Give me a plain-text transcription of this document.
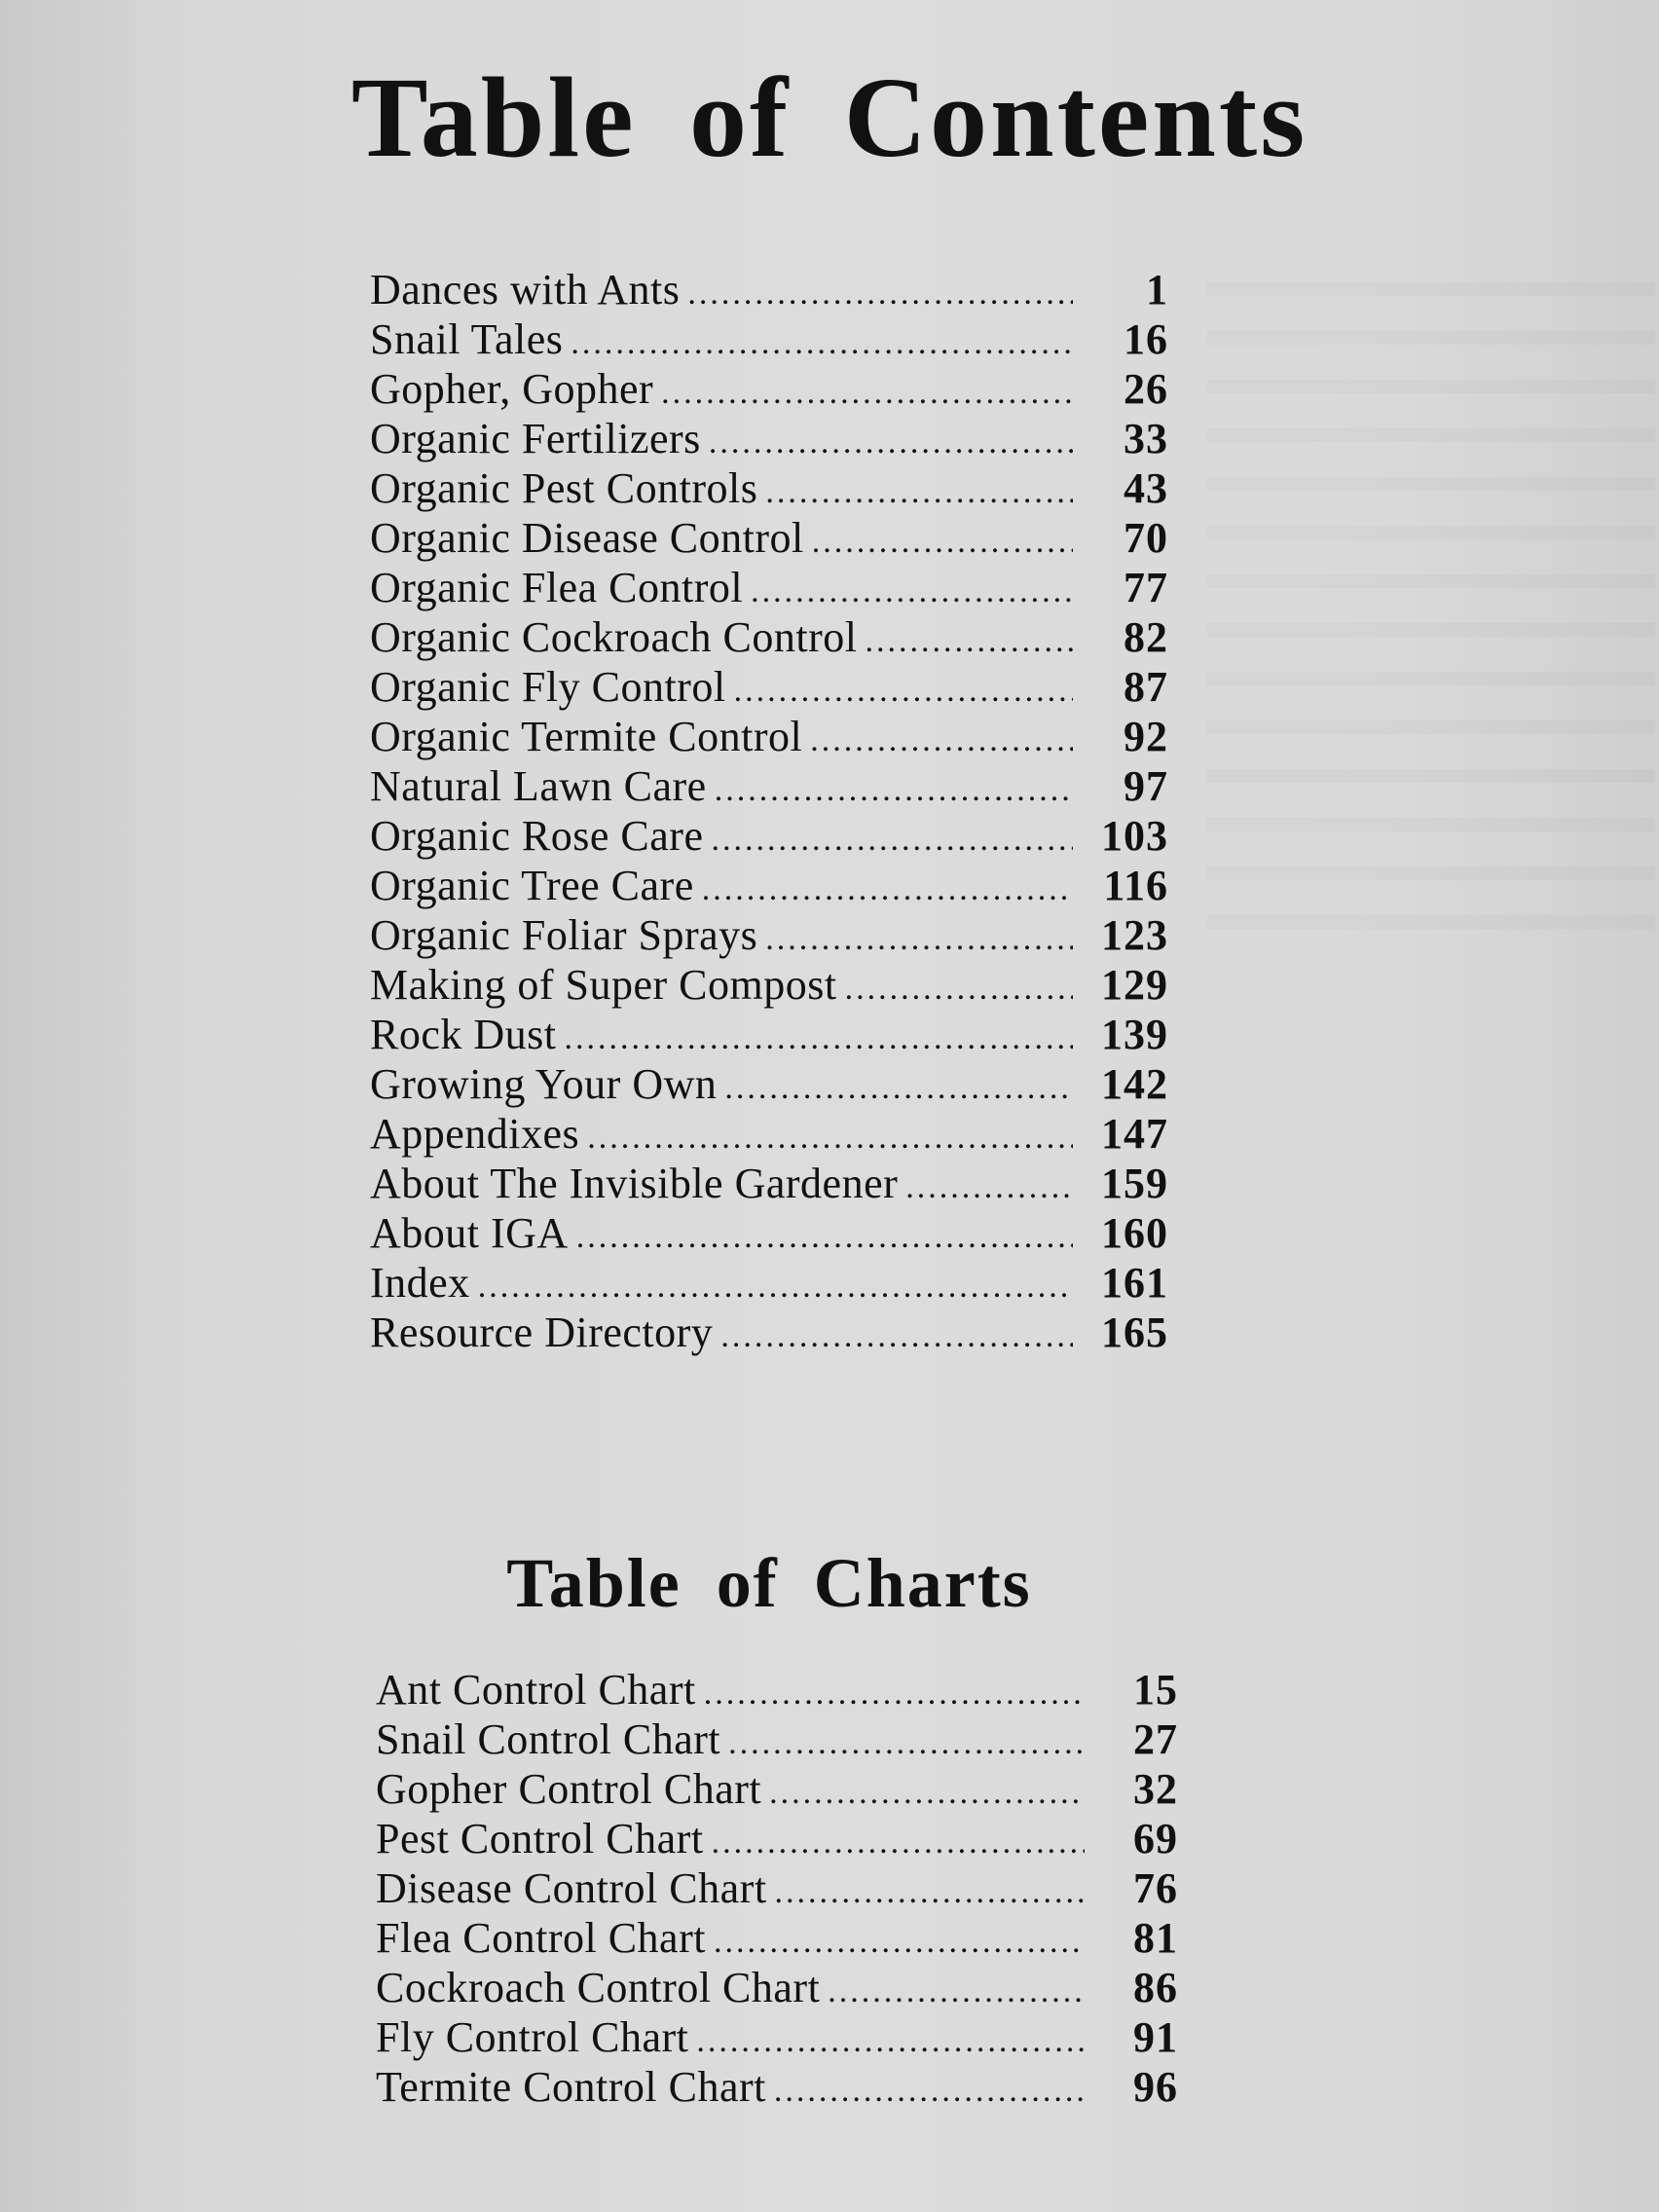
Table of Contents
Dances with Ants .....	1
Snail Tales .....	16
Gopher, Gopher .....	26
Organic Fertilizers .....	33
Organic Pest Controls .....	43
Organic Disease Control .....	70
Organic Flea Control .....	77
Organic Cockroach Control .....	82
Organic Fly Control .....	87
Organic Termite Control .....	92
Natural Lawn Care .....	97
Organic Rose Care .....	103
Organic Tree Care .....	116
Organic Foliar Sprays .....	123
Making of Super Compost .....	129
Rock Dust .....	139
Growing Your Own .....	142
Appendixes .....	147
About The Invisible Gardener .....	159
About IGA .....	160
Index .....	161
Resource Directory .....	165
Table of Charts
Ant Control Chart .....	15
Snail Control Chart .....	27
Gopher Control Chart .....	32
Pest Control Chart .....	69
Disease Control Chart .....	76
Flea Control Chart .....	81
Cockroach Control Chart .....	86
Fly Control Chart .....	91
Termite Control Chart .....	96
